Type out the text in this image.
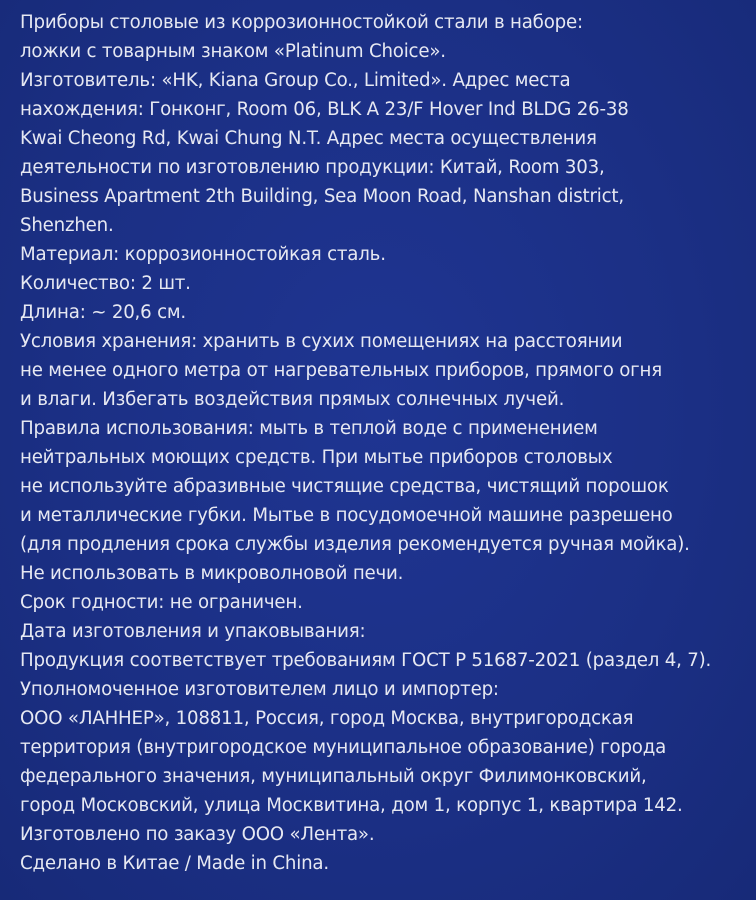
Приборы столовые из коррозионностойкой стали в наборе:
ложки с товарным знаком «Platinum Choice».
Изготовитель: «HK, Kiana Group Co., Limited». Адрес места
нахождения: Гонконг, Room 06, BLK A 23/F Hover Ind BLDG 26-38
Kwai Cheong Rd, Kwai Chung N.T. Адрес места осуществления
деятельности по изготовлению продукции: Китай, Room 303,
Business Apartment 2th Building, Sea Moon Road, Nanshan district,
Shenzhen.
Материал: коррозионностойкая сталь.
Количество: 2 шт.
Длина: ~ 20,6 см.
Условия хранения: хранить в сухих помещениях на расстоянии
не менее одного метра от нагревательных приборов, прямого огня
и влаги. Избегать воздействия прямых солнечных лучей.
Правила использования: мыть в теплой воде с применением
нейтральных моющих средств. При мытье приборов столовых
не используйте абразивные чистящие средства, чистящий порошок
и металлические губки. Мытье в посудомоечной машине разрешено
(для продления срока службы изделия рекомендуется ручная мойка).
Не использовать в микроволновой печи.
Срок годности: не ограничен.
Дата изготовления и упаковывания:
Продукция соответствует требованиям ГОСТ Р 51687-2021 (раздел 4, 7).
Уполномоченное изготовителем лицо и импортер:
ООО «ЛАННЕР», 108811, Россия, город Москва, внутригородская
территория (внутригородское муниципальное образование) города
федерального значения, муниципальный округ Филимонковский,
город Московский, улица Москвитина, дом 1, корпус 1, квартира 142.
Изготовлено по заказу ООО «Лента».
Сделано в Китае / Made in China.
